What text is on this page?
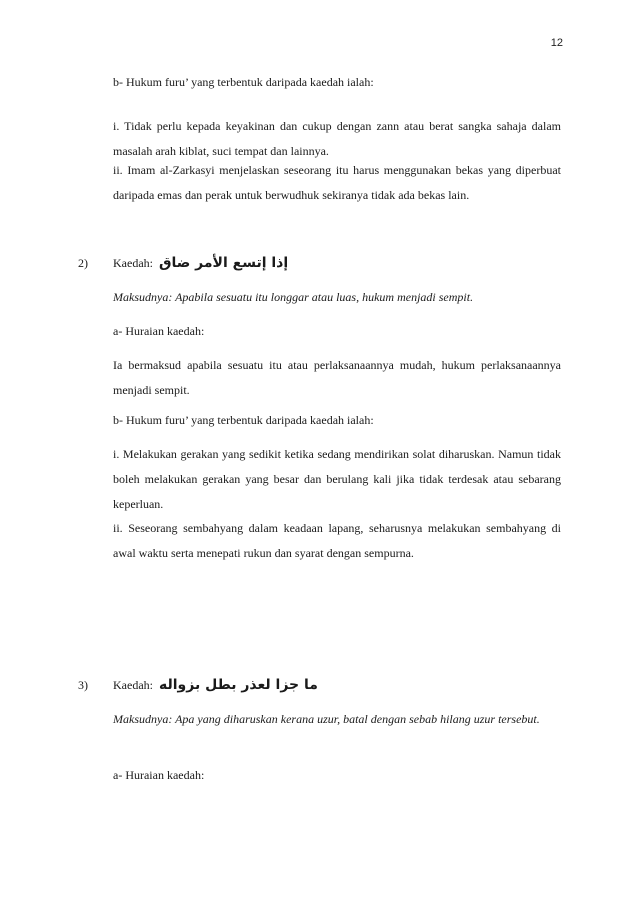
12
b- Hukum furu’ yang terbentuk daripada kaedah ialah:
i. Tidak perlu kepada keyakinan dan cukup dengan zann atau berat sangka sahaja dalam masalah arah kiblat, suci tempat dan lainnya.
ii. Imam al-Zarkasyi menjelaskan seseorang itu harus menggunakan bekas yang diperbuat daripada emas dan perak untuk berwudhuk sekiranya tidak ada bekas lain.
2) Kaedah: إذا إتسع الأمر ضاق
Maksudnya: Apabila sesuatu itu longgar atau luas, hukum menjadi sempit.
a- Huraian kaedah:
Ia bermaksud apabila sesuatu itu atau perlaksanaannya mudah, hukum perlaksanaannya menjadi sempit.
b- Hukum furu’ yang terbentuk daripada kaedah ialah:
i. Melakukan gerakan yang sedikit ketika sedang mendirikan solat diharuskan. Namun tidak boleh melakukan gerakan yang besar dan berulang kali jika tidak terdesak atau sebarang keperluan.
ii. Seseorang sembahyang dalam keadaan lapang, seharusnya melakukan sembahyang di awal waktu serta menepati rukun dan syarat dengan sempurna.
3) Kaedah: ما جزا لعذر بطل بزواله
Maksudnya: Apa yang diharuskan kerana uzur, batal dengan sebab hilang uzur tersebut.
a- Huraian kaedah:
